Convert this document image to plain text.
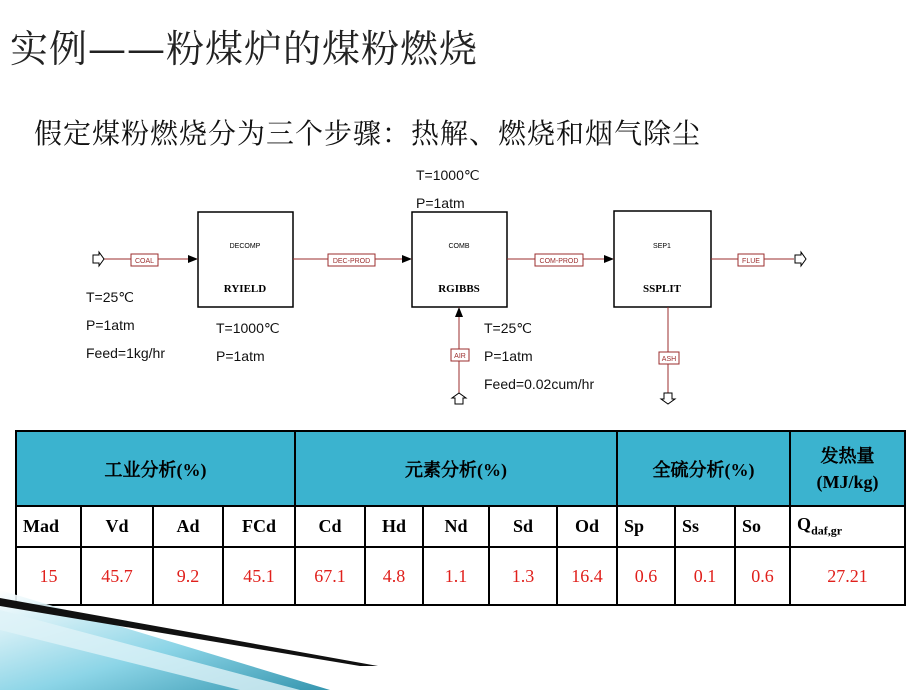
实例——粉煤炉的煤粉燃烧
假定煤粉燃烧分为三个步骤：热解、燃烧和烟气除尘
DECOMP	COMB	SEP1
RYIELD	RGIBBS	SSPLIT
COAL	DEC-PROD	COM-PROD	FLUE
AIR	ASH
T=25℃
P=1atm
Feed=1kg/hr
T=1000℃
P=1atm
T=1000℃
P=1atm
T=25℃
P=1atm
Feed=0.02cum/hr
工业分析(%)				元素分析(%)					全硫分析(%)			发热量
(MJ/kg)

Mad	Vd	Ad	FCd	Cd	Hd	Nd	Sd	Od	Sp	Ss	So	$Q_{daf,gr}$
15	45.7	9.2	45.1	67.1	4.8	1.1	1.3	16.4	0.6	0.1	0.6	27.21
